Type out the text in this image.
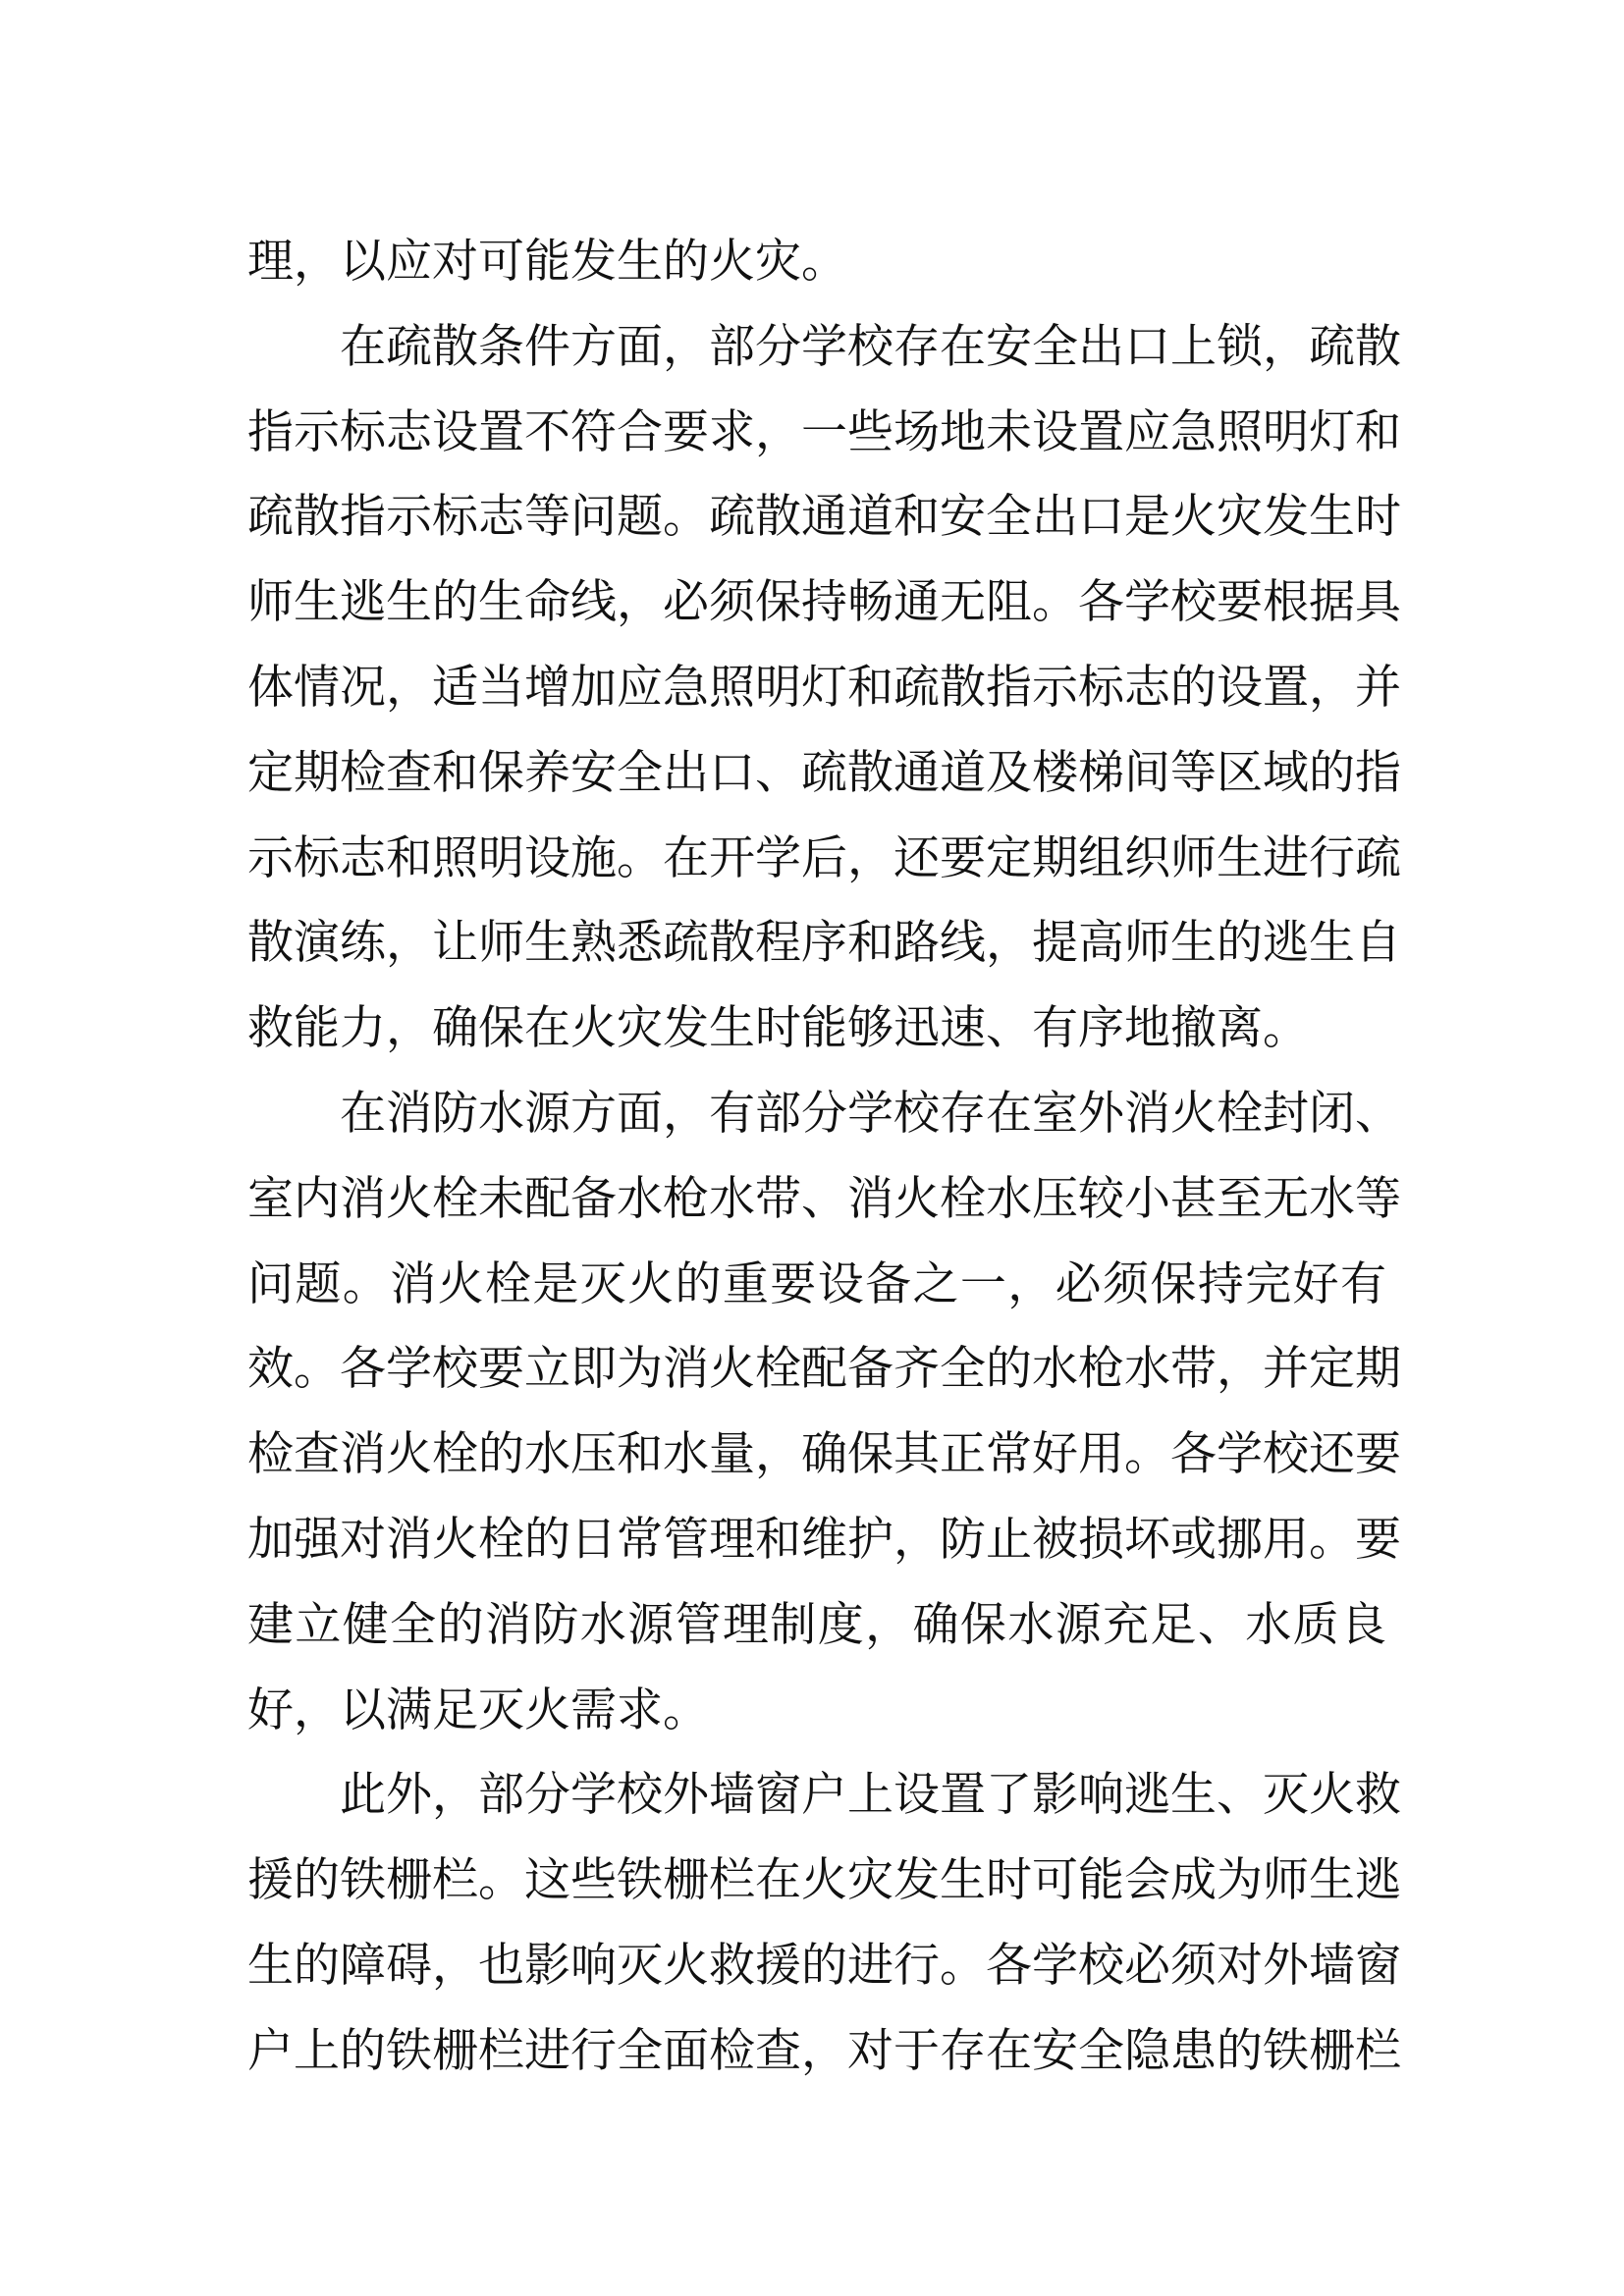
理，以应对可能发生的火灾。
在疏散条件方面，部分学校存在安全出口上锁，疏散
指示标志设置不符合要求，一些场地未设置应急照明灯和
疏散指示标志等问题。疏散通道和安全出口是火灾发生时
师生逃生的生命线，必须保持畅通无阻。各学校要根据具
体情况，适当增加应急照明灯和疏散指示标志的设置，并
定期检查和保养安全出口、疏散通道及楼梯间等区域的指
示标志和照明设施。在开学后，还要定期组织师生进行疏
散演练，让师生熟悉疏散程序和路线，提高师生的逃生自
救能力，确保在火灾发生时能够迅速、有序地撤离。
在消防水源方面，有部分学校存在室外消火栓封闭、
室内消火栓未配备水枪水带、消火栓水压较小甚至无水等
问题。消火栓是灭火的重要设备之一，必须保持完好有
效。各学校要立即为消火栓配备齐全的水枪水带，并定期
检查消火栓的水压和水量，确保其正常好用。各学校还要
加强对消火栓的日常管理和维护，防止被损坏或挪用。要
建立健全的消防水源管理制度，确保水源充足、水质良
好，以满足灭火需求。
此外，部分学校外墙窗户上设置了影响逃生、灭火救
援的铁栅栏。这些铁栅栏在火灾发生时可能会成为师生逃
生的障碍，也影响灭火救援的进行。各学校必须对外墙窗
户上的铁栅栏进行全面检查，对于存在安全隐患的铁栅栏
